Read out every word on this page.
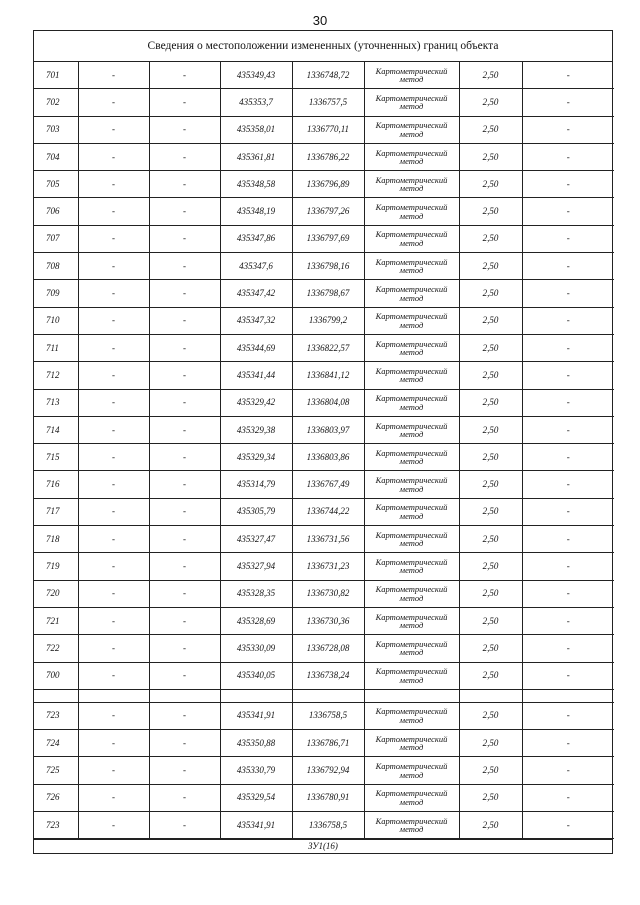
30
Сведения о местоположении измененных (уточненных) границ объекта
701	-	-	435349,43	1336748,72	Картометрический метод	2,50	-
702	-	-	435353,7	1336757,5	Картометрический метод	2,50	-
703	-	-	435358,01	1336770,11	Картометрический метод	2,50	-
704	-	-	435361,81	1336786,22	Картометрический метод	2,50	-
705	-	-	435348,58	1336796,89	Картометрический метод	2,50	-
706	-	-	435348,19	1336797,26	Картометрический метод	2,50	-
707	-	-	435347,86	1336797,69	Картометрический метод	2,50	-
708	-	-	435347,6	1336798,16	Картометрический метод	2,50	-
709	-	-	435347,42	1336798,67	Картометрический метод	2,50	-
710	-	-	435347,32	1336799,2	Картометрический метод	2,50	-
711	-	-	435344,69	1336822,57	Картометрический метод	2,50	-
712	-	-	435341,44	1336841,12	Картометрический метод	2,50	-
713	-	-	435329,42	1336804,08	Картометрический метод	2,50	-
714	-	-	435329,38	1336803,97	Картометрический метод	2,50	-
715	-	-	435329,34	1336803,86	Картометрический метод	2,50	-
716	-	-	435314,79	1336767,49	Картометрический метод	2,50	-
717	-	-	435305,79	1336744,22	Картометрический метод	2,50	-
718	-	-	435327,47	1336731,56	Картометрический метод	2,50	-
719	-	-	435327,94	1336731,23	Картометрический метод	2,50	-
720	-	-	435328,35	1336730,82	Картометрический метод	2,50	-
721	-	-	435328,69	1336730,36	Картометрический метод	2,50	-
722	-	-	435330,09	1336728,08	Картометрический метод	2,50	-
700	-	-	435340,05	1336738,24	Картометрический метод	2,50	-

723	-	-	435341,91	1336758,5	Картометрический метод	2,50	-
724	-	-	435350,88	1336786,71	Картометрический метод	2,50	-
725	-	-	435330,79	1336792,94	Картометрический метод	2,50	-
726	-	-	435329,54	1336780,91	Картометрический метод	2,50	-
723	-	-	435341,91	1336758,5	Картометрический метод	2,50	-
ЗУ1(16)
